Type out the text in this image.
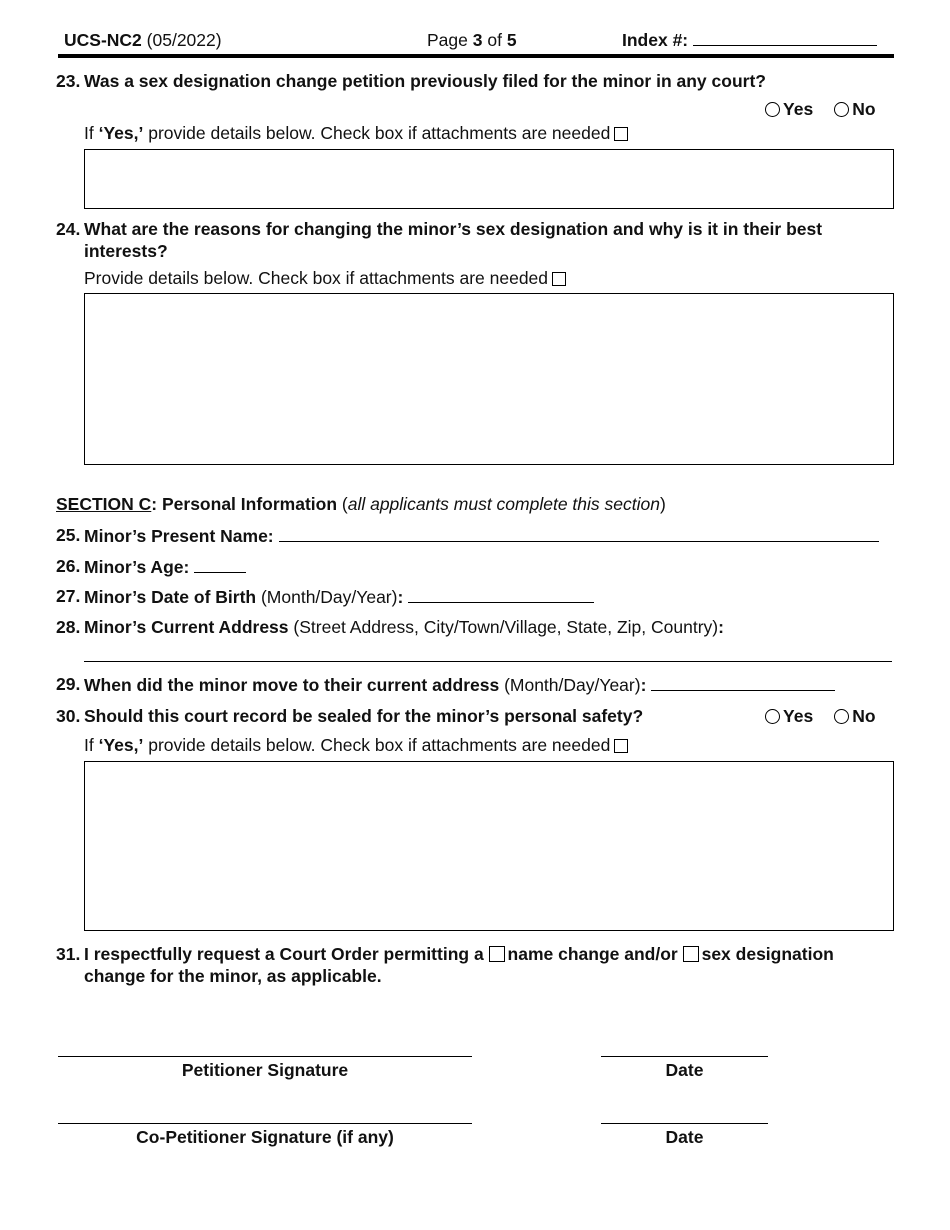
UCS-NC2 (05/2022)	Page 3 of 5	Index #:
23. Was a sex designation change petition previously filed for the minor in any court?
Yes No
If ‘Yes,’ provide details below. Check box if attachments are needed
24. What are the reasons for changing the minor’s sex designation and why is it in their best
interests?
Provide details below. Check box if attachments are needed
SECTION C: Personal Information (all applicants must complete this section)
25. Minor’s Present Name:
26. Minor’s Age:
27. Minor’s Date of Birth (Month/Day/Year):
28. Minor’s Current Address (Street Address, City/Town/Village, State, Zip, Country):
29. When did the minor move to their current address (Month/Day/Year):
30. Should this court record be sealed for the minor’s personal safety?	Yes No
If ‘Yes,’ provide details below. Check box if attachments are needed
31. I respectfully request a Court Order permitting a name change and/or sex designation
change for the minor, as applicable.
Petitioner Signature	Date
Co-Petitioner Signature (if any)	Date
